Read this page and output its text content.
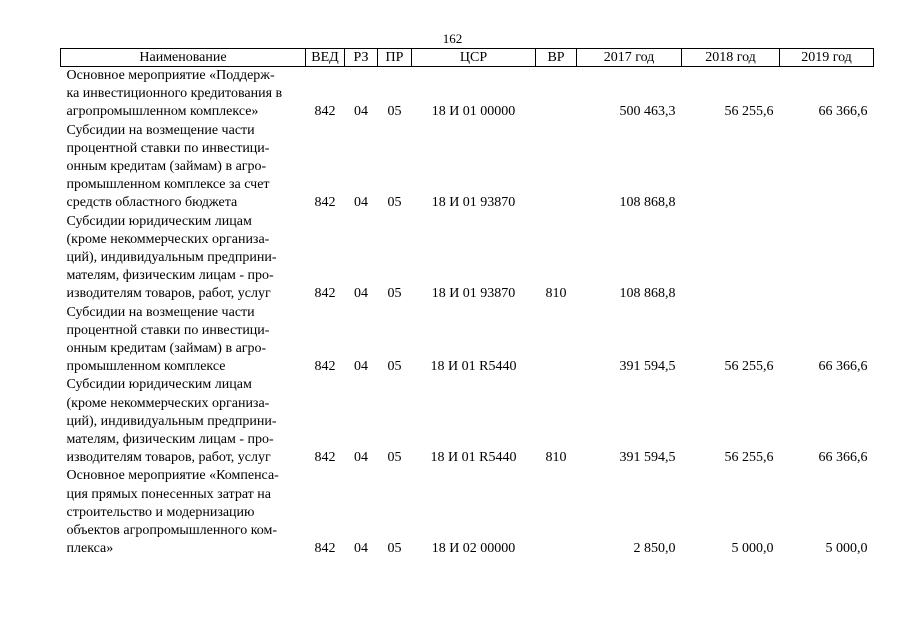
162
Наименование	ВЕД	РЗ	ПР	ЦСР	ВР	2017 год	2018 год	2019 год

Основное мероприятие «Поддерж-
ка инвестиционного кредитования в
агропромышленном комплексе»	842	04	05	18 И 01 00000		500 463,3	56 255,6	66 366,6

Субсидии на возмещение части
процентной ставки по инвестици-
онным кредитам (займам) в агро-
промышленном комплексе за счет
средств областного бюджета	842	04	05	18 И 01 93870		108 868,8		

Субсидии юридическим лицам
(кроме некоммерческих организа-
ций), индивидуальным предприни-
мателям, физическим лицам - про-
изводителям товаров, работ, услуг	842	04	05	18 И 01 93870	810	108 868,8		

Субсидии на возмещение части
процентной ставки по инвестици-
онным кредитам (займам) в агро-
промышленном комплексе	842	04	05	18 И 01 R5440		391 594,5	56 255,6	66 366,6

Субсидии юридическим лицам
(кроме некоммерческих организа-
ций), индивидуальным предприни-
мателям, физическим лицам - про-
изводителям товаров, работ, услуг	842	04	05	18 И 01 R5440	810	391 594,5	56 255,6	66 366,6

Основное мероприятие «Компенса-
ция прямых понесенных затрат на
строительство и модернизацию
объектов агропромышленного ком-
плекса»	842	04	05	18 И 02 00000		2 850,0	5 000,0	5 000,0
